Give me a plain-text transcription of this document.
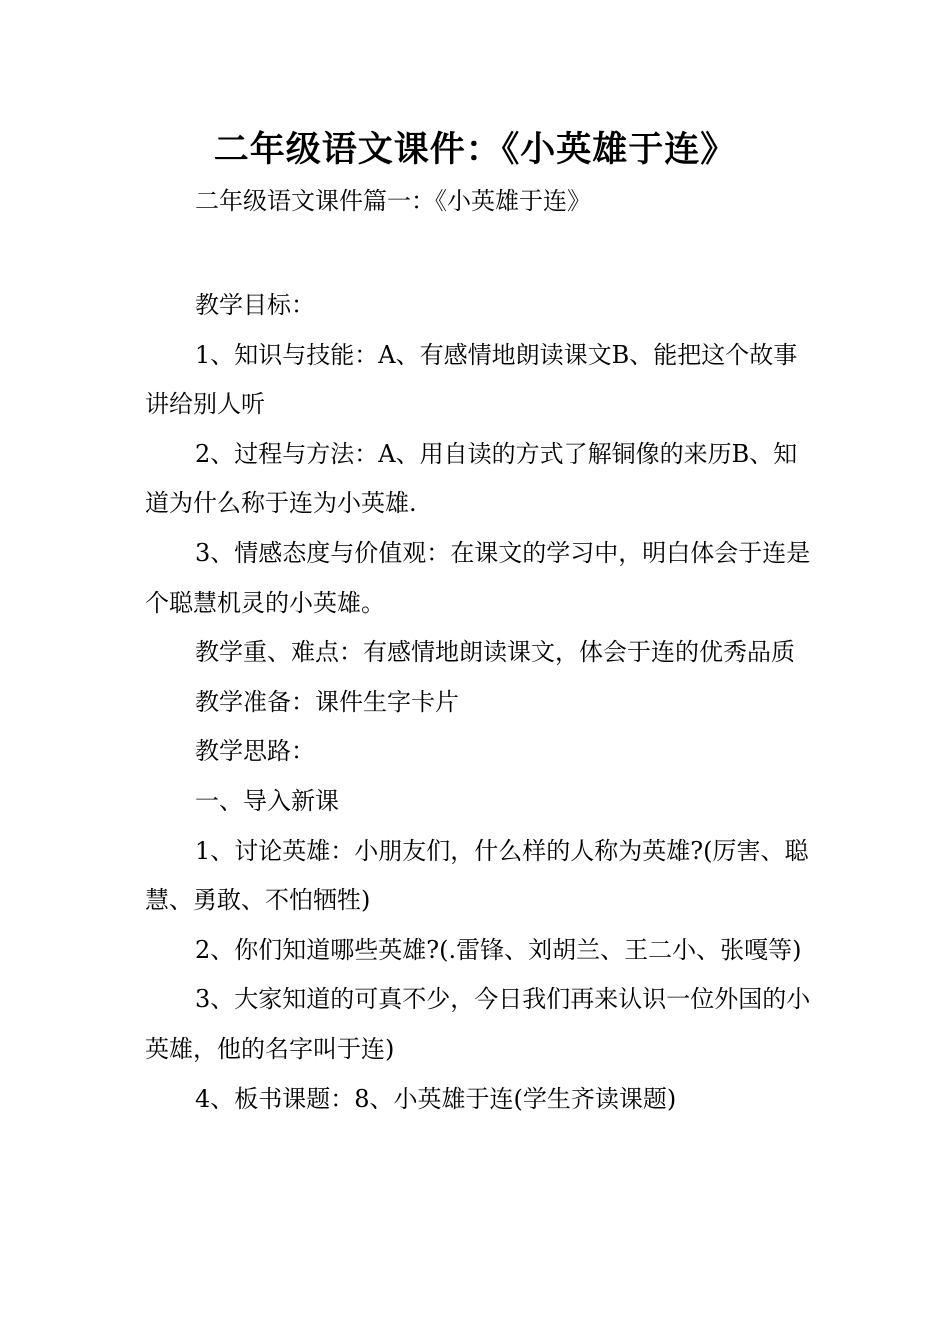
二年级语文课件：《小英雄于连》
二年级语文课件篇一：《小英雄于连》

教学目标：

1、知识与技能：A、有感情地朗读课文B、能把这个故事讲给别人听

2、过程与方法：A、用自读的方式了解铜像的来历B、知道为什么称于连为小英雄.

3、情感态度与价值观：在课文的学习中，明白体会于连是个聪慧机灵的小英雄。

教学重、难点：有感情地朗读课文，体会于连的优秀品质

教学准备：课件生字卡片

教学思路：

一、导入新课

1、讨论英雄：小朋友们，什么样的人称为英雄?(厉害、聪慧、勇敢、不怕牺牲)

2、你们知道哪些英雄?(.雷锋、刘胡兰、王二小、张嘎等)

3、大家知道的可真不少，今日我们再来认识一位外国的小英雄，他的名字叫于连)

4、板书课题：8、小英雄于连(学生齐读课题)
